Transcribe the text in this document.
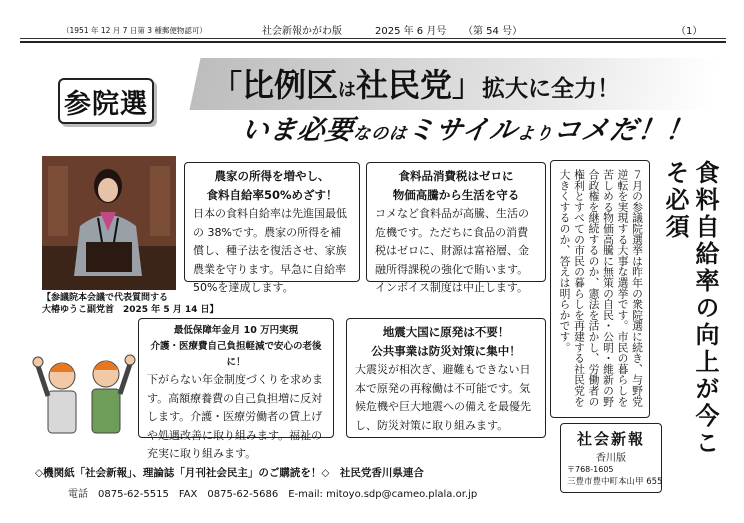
（1951 年 12 月 7 日第 3 種郵便物認可）	社会新報かがわ版	2025 年 6 月号 （第 54 号）	（1）
参院選 「比例区は社民党」拡大に全力！
いま必要なのはミサイルよりコメだ！！
【参議院本会議で代表質問する
大椿ゆうこ副党首　2025 年 5 月 14 日】
農家の所得を増やし、
食料自給率50%めざす！
日本の食料自給率は先進国最低の 38%です。農家の所得を補償し、種子法を復活させ、家族農業を守ります。早急に自給率 50%を達成します。
食料品消費税はゼロに
物価高騰から生活を守る
コメなど食料品が高騰、生活の危機です。ただちに食品の消費税はゼロに、財源は富裕層、金融所得課税の強化で賄います。インボイス制度は中止します。
最低保障年金月 10 万円実現
介護・医療費自己負担軽減で安心の老後に！
下がらない年金制度づくりを求めます。高額療養費の自己負担増に反対します。介護・医療労働者の賃上げや処遇改善に取り組みます。福祉の充実に取り組みます。
地震大国に原発は不要！
公共事業は防災対策に集中！
大震災が相次ぎ、避難もできない日本で原発の再稼働は不可能です。気候危機や巨大地震への備えを最優先し、防災対策に取り組みます。
７月の参議院選挙は昨年の衆院選に続き、与野党逆転を実現する大事な選挙です。市民の暮らしを苦しめる物価高騰に無策の自民・公明・維新の野合政権を継続するのか、憲法を活かし、労働者の権利とすべての市民の暮らしを再建する社民党を大きくするのか、答えは明らかです。	食料自給率の向上が今こそ必須
社会新報
香川版
〒768-1605
三豊市豊中町本山甲 655
◇機関紙「社会新報」、理論誌「月刊社会民主」のご購読を！◇　社民党香川県連合
電話　0875-62-5515　FAX　0875-62-5686　E-mail: mitoyo.sdp@cameo.plala.or.jp
